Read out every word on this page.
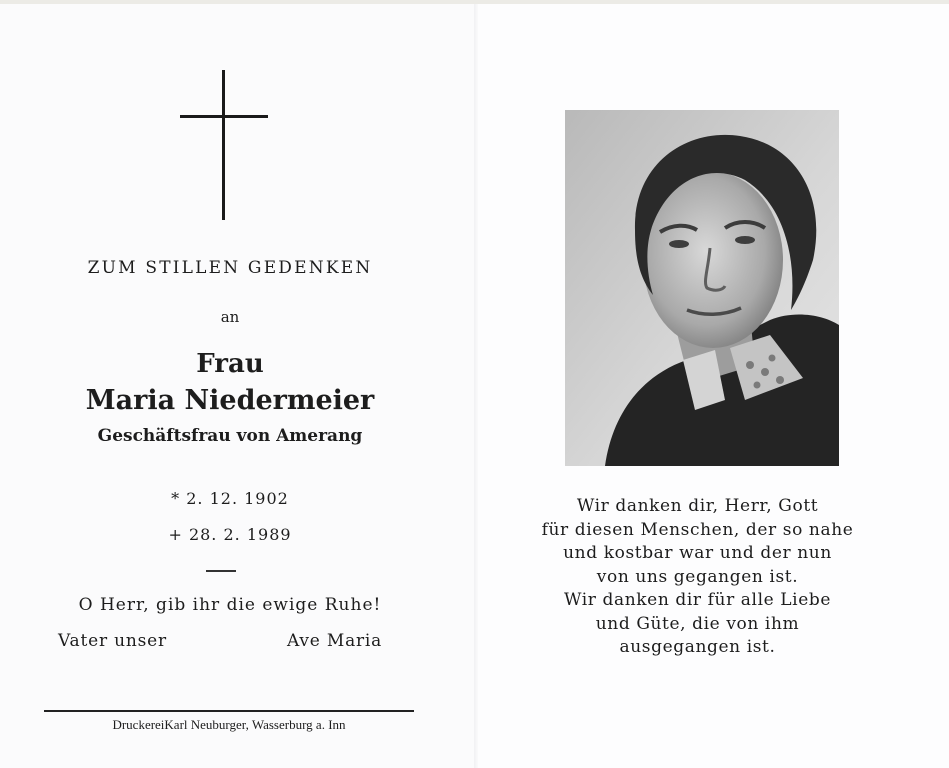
ZUM STILLEN GEDENKEN
an
Frau
Maria Niedermeier
Geschäftsfrau von Amerang
* 2. 12. 1902
+ 28. 2. 1989
O Herr, gib ihr die ewige Ruhe!
Vater unser	Ave Maria
DruckereiKarl Neuburger, Wasserburg a. Inn
Wir danken dir, Herr, Gott
für diesen Menschen, der so nahe
und kostbar war und der nun
von uns gegangen ist.
Wir danken dir für alle Liebe
und Güte, die von ihm
ausgegangen ist.
